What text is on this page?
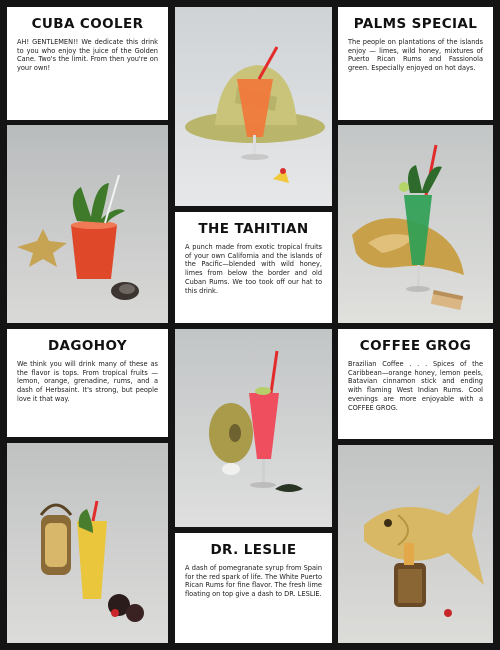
CUBA COOLER

AH! GENTLEMEN!! We dedicate this drink to you who enjoy the juice of the Golden Cane. Two's the limit. From then you're on your own!

PALMS SPECIAL

The people on plantations of the islands enjoy — limes, wild honey, mixtures of Puerto Rican Rums and Fassionola green. Especially enjoyed on hot days.

THE TAHITIAN

A punch made from exotic tropical fruits of your own California and the islands of the Pacific—blended with wild honey, limes from below the border and old Cuban Rums. We too took off our hat to this drink.

DAGOHOY

We think you will drink many of these as the flavor is tops. From tropical fruits — lemon, orange, grenadine, rums, and a dash of Herbsaint. It's strong, but people love it that way.

COFFEE GROG

Brazilian Coffee . . . Spices of the Caribbean—orange honey, lemon peels, Batavian cinnamon stick and ending with flaming West Indian Rums. Cool evenings are more enjoyable with a COFFEE GROG.

DR. LESLIE

A dash of pomegranate syrup from Spain for the red spark of life. The White Puerto Rican Rums for fine flavor. The fresh lime floating on top give a dash to DR. LESLIE.
